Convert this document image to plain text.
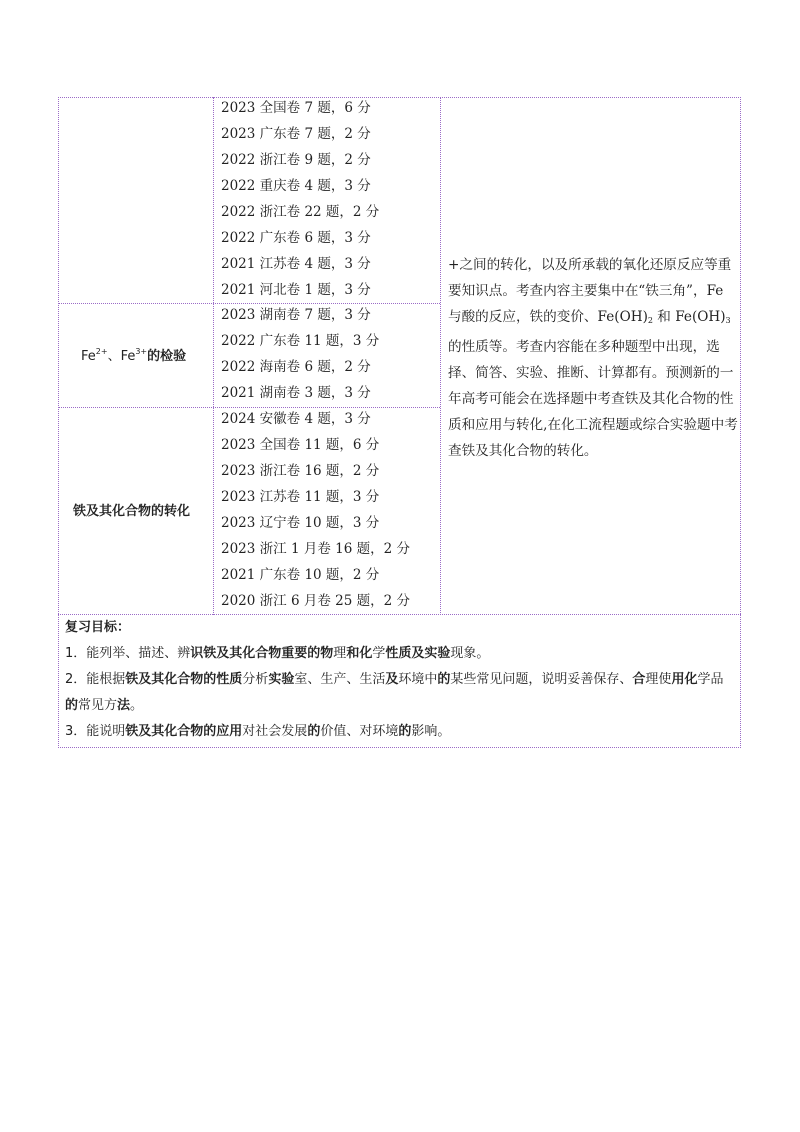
2023 全国卷 7 题，6 分
2023 广东卷 7 题，2 分
2022 浙江卷 9 题，2 分
2022 重庆卷 4 题，3 分
2022 浙江卷 22 题，2 分
2022 广东卷 6 题，3 分
2021 江苏卷 4 题，3 分
2021 河北卷 1 题，3 分
$Fe^{2+}$、$Fe^{3+}$的检验
2023 湖南卷 7 题，3 分
2022 广东卷 11 题，3 分
2022 海南卷 6 题，2 分
2021 湖南卷 3 题，3 分
铁及其化合物的转化
2024 安徽卷 4 题，3 分
2023 全国卷 11 题，6 分
2023 浙江卷 16 题，2 分
2023 江苏卷 11 题，3 分
2023 辽宁卷 10 题，3 分
2023 浙江 1 月卷 16 题，2 分
2021 广东卷 10 题，2 分
2020 浙江 6 月卷 25 题，2 分
+之间的转化，以及所承载的氧化还原反应等重要知识点。考查内容主要集中在“铁三角”，Fe 与酸的反应，铁的变价、$Fe(OH)_2$ 和 $Fe(OH)_3$ 的性质等。考查内容能在多种题型中出现，选择、简答、实验、推断、计算都有。预测新的一年高考可能会在选择题中考查铁及其化合物的性质和应用与转化,在化工流程题或综合实验题中考查铁及其化合物的转化。

复习目标：

1．能列举、描述、辨识铁及其化合物重要的物理和化学性质及实验现象。

2．能根据铁及其化合物的性质分析实验室、生产、生活及环境中的某些常见问题，说明妥善保存、合理使用化学品的常见方法。

3．能说明铁及其化合物的应用对社会发展的价值、对环境的影响。
